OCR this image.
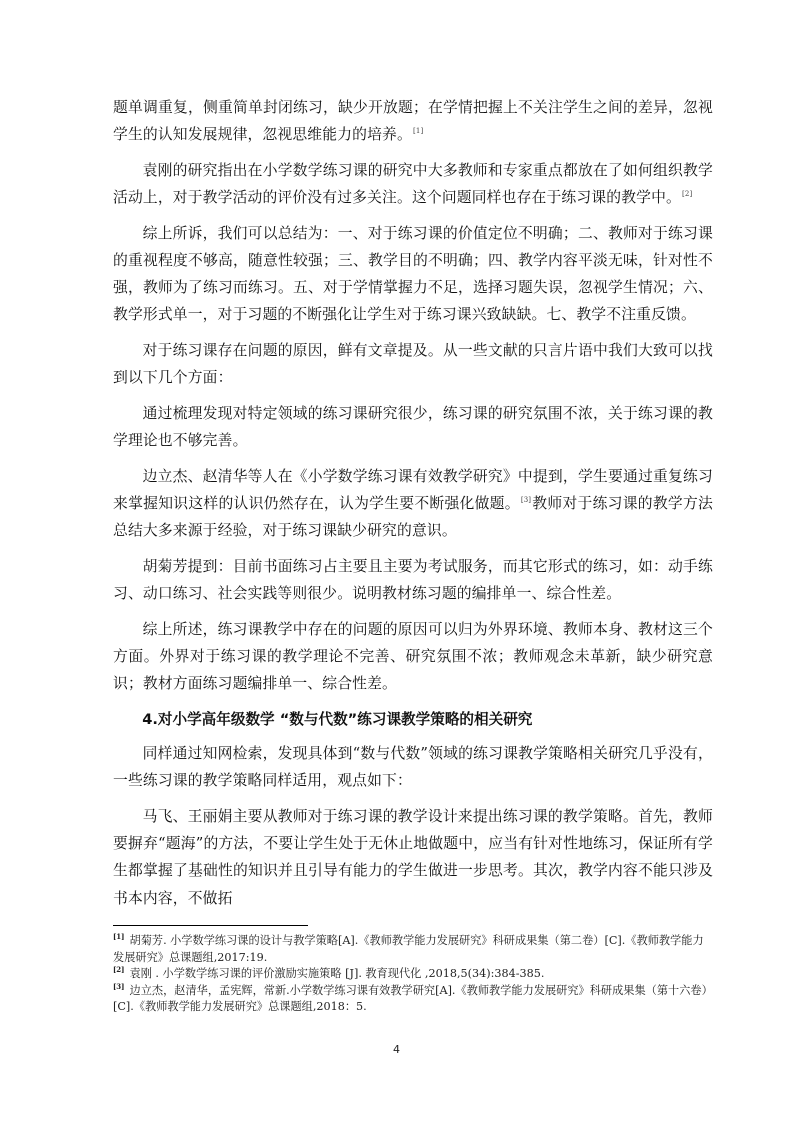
题单调重复，侧重简单封闭练习，缺少开放题；在学情把握上不关注学生之间的差异，忽视学生的认知发展规律，忽视思维能力的培养。[1]

袁刚的研究指出在小学数学练习课的研究中大多教师和专家重点都放在了如何组织教学活动上，对于教学活动的评价没有过多关注。这个问题同样也存在于练习课的教学中。[2]

综上所诉，我们可以总结为：一、对于练习课的价值定位不明确；二、教师对于练习课的重视程度不够高，随意性较强；三、教学目的不明确；四、教学内容平淡无味，针对性不强，教师为了练习而练习。五、对于学情掌握力不足，选择习题失误，忽视学生情况；六、教学形式单一，对于习题的不断强化让学生对于练习课兴致缺缺。七、教学不注重反馈。

对于练习课存在问题的原因，鲜有文章提及。从一些文献的只言片语中我们大致可以找到以下几个方面：

通过梳理发现对特定领域的练习课研究很少，练习课的研究氛围不浓，关于练习课的教学理论也不够完善。

边立杰、赵清华等人在《小学数学练习课有效教学研究》中提到，学生要通过重复练习来掌握知识这样的认识仍然存在，认为学生要不断强化做题。[3]教师对于练习课的教学方法总结大多来源于经验，对于练习课缺少研究的意识。

胡菊芳提到：目前书面练习占主要且主要为考试服务，而其它形式的练习，如：动手练习、动口练习、社会实践等则很少。说明教材练习题的编排单一、综合性差。

综上所述，练习课教学中存在的问题的原因可以归为外界环境、教师本身、教材这三个方面。外界对于练习课的教学理论不完善、研究氛围不浓；教师观念未革新，缺少研究意识；教材方面练习题编排单一、综合性差。

4.对小学高年级数学 “数与代数”练习课教学策略的相关研究

同样通过知网检索，发现具体到“数与代数”领域的练习课教学策略相关研究几乎没有，一些练习课的教学策略同样适用，观点如下：

马飞、王丽娟主要从教师对于练习课的教学设计来提出练习课的教学策略。首先，教师要摒弃“题海”的方法，不要让学生处于无休止地做题中，应当有针对性地练习，保证所有学生都掌握了基础性的知识并且引导有能力的学生做进一步思考。其次，教学内容不能只涉及书本内容，不做拓

[1] 胡菊芳. 小学数学练习课的设计与教学策略[A].《教师教学能力发展研究》科研成果集（第二卷）[C].《教师教学能力发展研究》总课题组,2017:19.

[2] 袁刚 . 小学数学练习课的评价激励实施策略 [J]. 教育现代化 ,2018,5(34):384-385.

[3] 边立杰，赵清华，孟宪辉，常新.小学数学练习课有效教学研究[A].《教师教学能力发展研究》科研成果集（第十六卷）[C].《教师教学能力发展研究》总课题组,2018：5.

4
